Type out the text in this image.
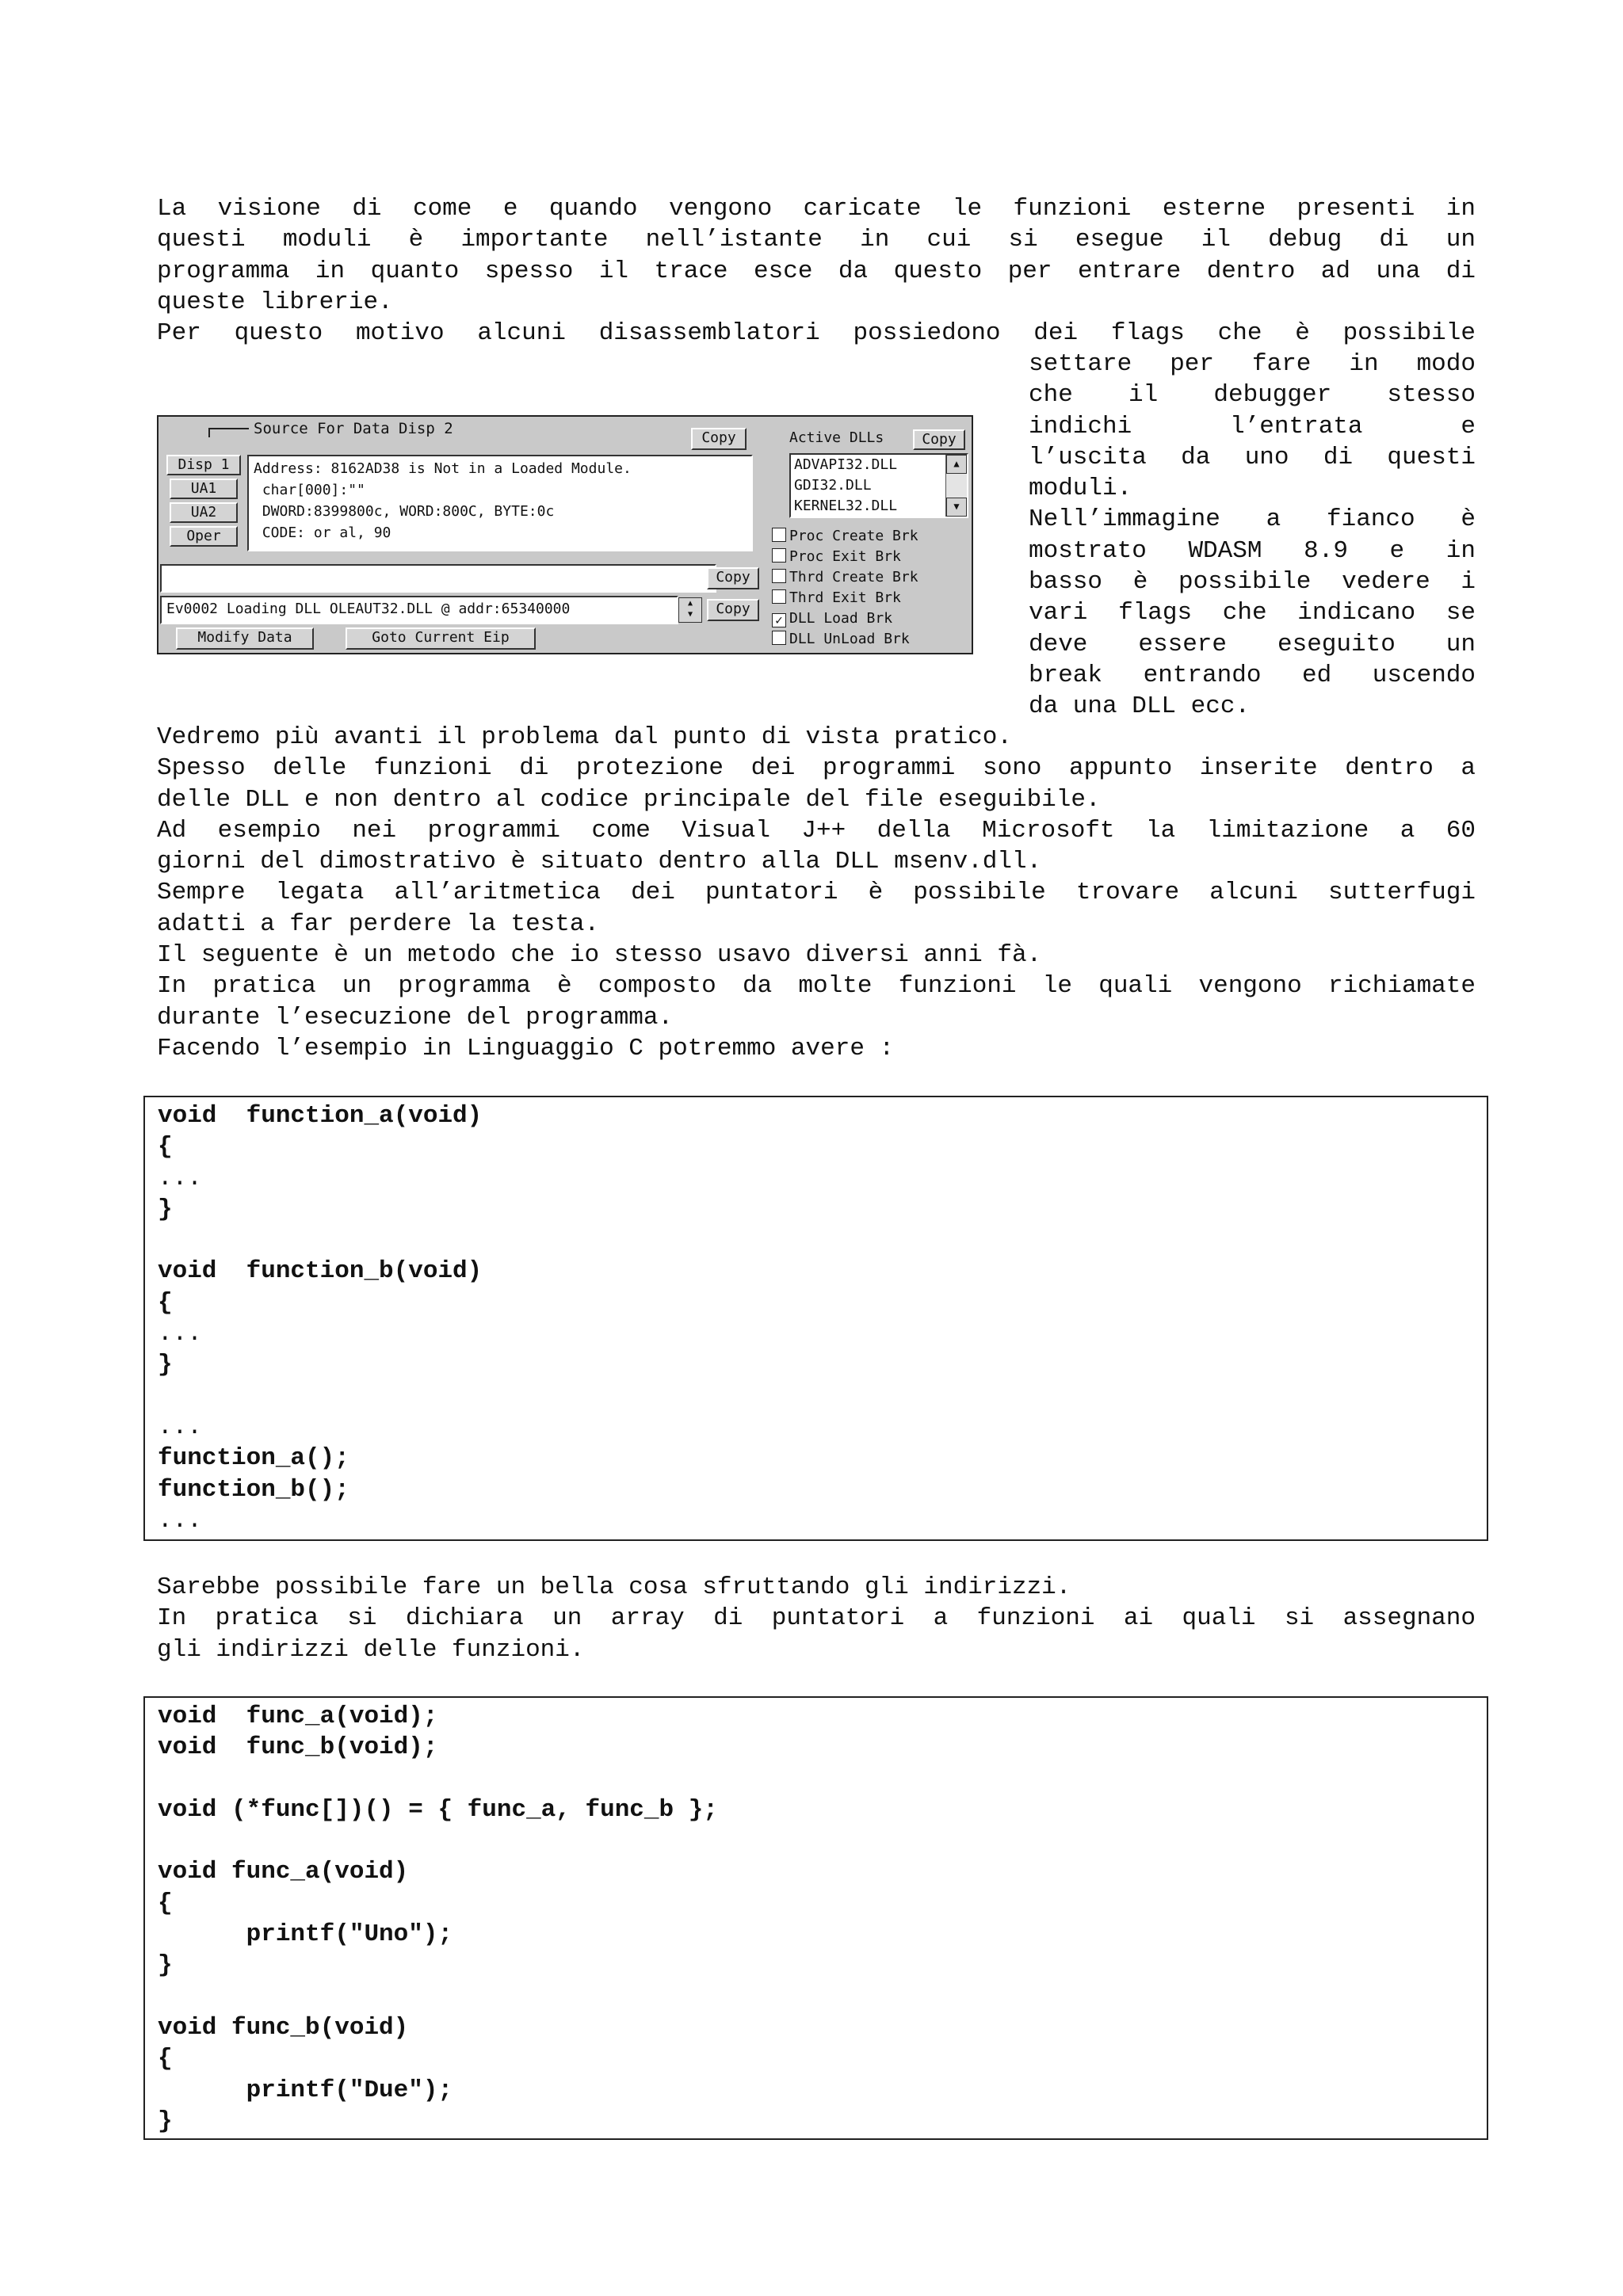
La visione di come e quando vengono caricate le funzioni esterne presenti in
questi moduli è importante nell’istante in cui si esegue il debug di un
programma in quanto spesso il trace esce da questo per entrare dentro ad una di
queste librerie.
Per questo motivo alcuni disassemblatori possiedono dei flags che è possibile
settare per fare in modo
che il debugger stesso
indichi l’entrata e
l’uscita da uno di questi
moduli.
Nell’immagine a fianco è
mostrato WDASM 8.9 e in
basso è possibile vedere i
vari flags che indicano se
deve essere eseguito un
break entrando ed uscendo
da una DLL ecc.
Source For Data Disp 2
Copy
Disp 1
UA1
UA2
Oper
Address: 8162AD38 is Not in a Loaded Module.
char[000]:""
DWORD:8399800c, WORD:800C, BYTE:0c
CODE: or al, 90
Copy
Ev0002 Loading DLL OLEAUT32.DLL @ addr:65340000	▲
▼	Copy
Modify Data	Goto Current Eip
Active DLLs	Copy
ADVAPI32.DLL
GDI32.DLL
KERNEL32.DLL
▲
▼
Proc Create Brk
Proc Exit Brk
Thrd Create Brk
Thrd Exit Brk
✓ DLL Load Brk
DLL UnLoad Brk
Vedremo più avanti il problema dal punto di vista pratico.
Spesso delle funzioni di protezione dei programmi sono appunto inserite dentro a
delle DLL e non dentro al codice principale del file eseguibile.
Ad esempio nei programmi come Visual J++ della Microsoft la limitazione a 60
giorni del dimostrativo è situato dentro alla DLL msenv.dll.
Sempre legata all’aritmetica dei puntatori è possibile trovare alcuni sutterfugi
adatti a far perdere la testa.
Il seguente è un metodo che io stesso usavo diversi anni fà.
In pratica un programma è composto da molte funzioni le quali vengono richiamate
durante l’esecuzione del programma.
Facendo l’esempio in Linguaggio C potremmo avere :
void  function_a(void)
{
...
}
void  function_b(void)
{
...
}
...
function_a();
function_b();
...
Sarebbe possibile fare un bella cosa sfruttando gli indirizzi.
In pratica si dichiara un array di puntatori a funzioni ai quali si assegnano
gli indirizzi delle funzioni.
void  func_a(void);
void  func_b(void);
void (*func[])() = { func_a, func_b };
void func_a(void)
{
printf("Uno");
}
void func_b(void)
{
printf("Due");
}
